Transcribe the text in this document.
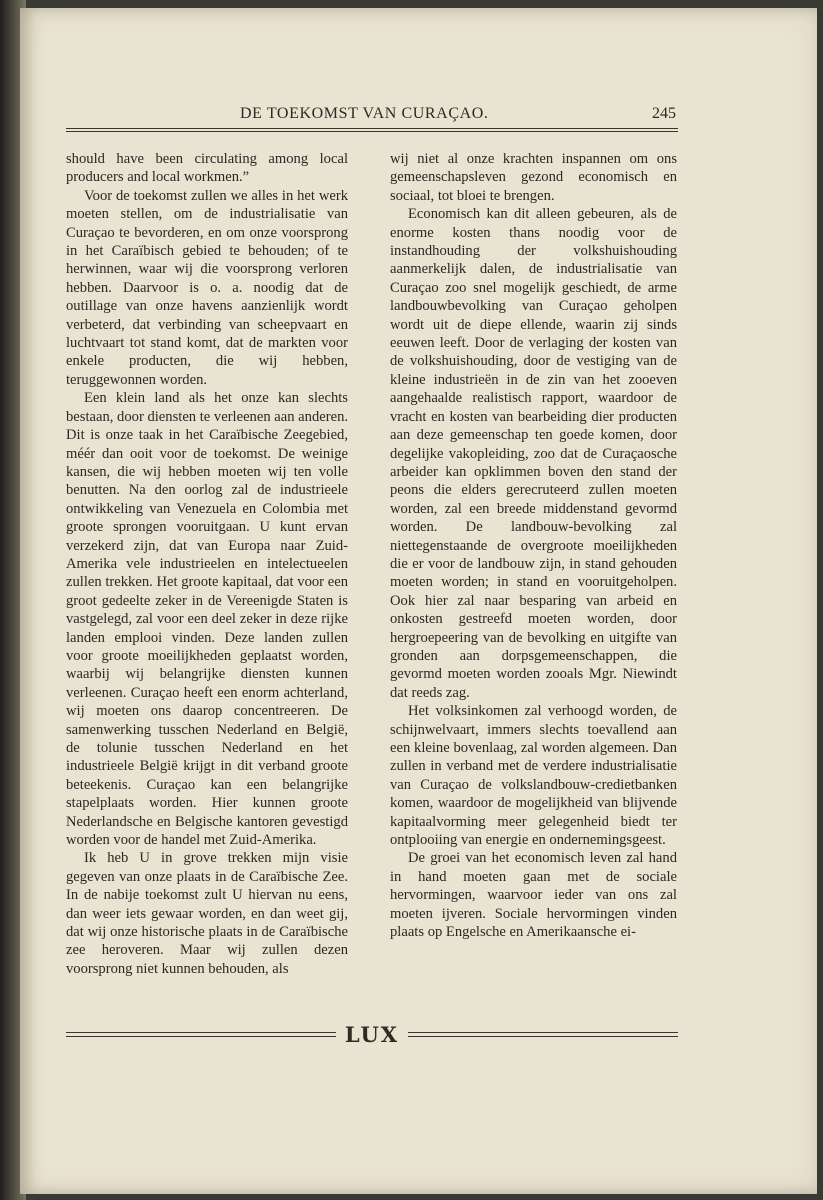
DE TOEKOMST VAN CURAÇAO.	245

should have been circulating among local producers and local workmen.”

Voor de toekomst zullen we alles in het werk moeten stellen, om de industrialisatie van Curaçao te bevorderen, en om onze voorsprong in het Caraïbisch gebied te behouden; of te herwinnen, waar wij die voorsprong verloren hebben. Daarvoor is o. a. noodig dat de outillage van onze havens aanzienlijk wordt verbeterd, dat verbinding van scheepvaart en luchtvaart tot stand komt, dat de markten voor enkele producten, die wij hebben, teruggewonnen worden.

Een klein land als het onze kan slechts bestaan, door diensten te verleenen aan anderen. Dit is onze taak in het Caraïbische Zeegebied, méér dan ooit voor de toekomst. De weinige kansen, die wij hebben moeten wij ten volle benutten. Na den oorlog zal de industrieele ontwikkeling van Venezuela en Colombia met groote sprongen vooruitgaan. U kunt ervan verzekerd zijn, dat van Europa naar Zuid-Amerika vele industrieelen en intelectueelen zullen trekken. Het groote kapitaal, dat voor een groot gedeelte zeker in de Vereenigde Staten is vastgelegd, zal voor een deel zeker in deze rijke landen emplooi vinden. Deze landen zullen voor groote moeilijkheden geplaatst worden, waarbij wij belangrijke diensten kunnen verleenen. Curaçao heeft een enorm achterland, wij moeten ons daarop concentreeren. De samenwerking tusschen Nederland en België, de tolunie tusschen Nederland en het industrieele België krijgt in dit verband groote beteekenis. Curaçao kan een belangrijke stapelplaats worden. Hier kunnen groote Nederlandsche en Belgische kantoren gevestigd worden voor de handel met Zuid-Amerika.

Ik heb U in grove trekken mijn visie gegeven van onze plaats in de Caraïbische Zee. In de nabije toekomst zult U hiervan nu eens, dan weer iets gewaar worden, en dan weet gij, dat wij onze historische plaats in de Caraïbische zee heroveren. Maar wij zullen dezen voorsprong niet kunnen behouden, als

wij niet al onze krachten inspannen om ons gemeenschapsleven gezond economisch en sociaal, tot bloei te brengen.

Economisch kan dit alleen gebeuren, als de enorme kosten thans noodig voor de instandhouding der volkshuishouding aanmerkelijk dalen, de industrialisatie van Curaçao zoo snel mogelijk geschiedt, de arme landbouwbevolking van Curaçao geholpen wordt uit de diepe ellende, waarin zij sinds eeuwen leeft. Door de verlaging der kosten van de volkshuishouding, door de vestiging van de kleine industrieën in de zin van het zooeven aangehaalde realistisch rapport, waardoor de vracht en kosten van bearbeiding dier producten aan deze gemeenschap ten goede komen, door degelijke vakopleiding, zoo dat de Curaçaosche arbeider kan opklimmen boven den stand der peons die elders gerecruteerd zullen moeten worden, zal een breede middenstand gevormd worden. De landbouw-bevolking zal niettegenstaande de overgroote moeilijkheden die er voor de landbouw zijn, in stand gehouden moeten worden; in stand en vooruitgeholpen. Ook hier zal naar besparing van arbeid en onkosten gestreefd moeten worden, door hergroepeering van de bevolking en uitgifte van gronden aan dorpsgemeenschappen, die gevormd moeten worden zooals Mgr. Niewindt dat reeds zag.

Het volksinkomen zal verhoogd worden, de schijnwelvaart, immers slechts toevallend aan een kleine bovenlaag, zal worden algemeen. Dan zullen in verband met de verdere industrialisatie van Curaçao de volkslandbouw-credietbanken komen, waardoor de mogelijkheid van blijvende kapitaalvorming meer gelegenheid biedt ter ontplooiing van energie en ondernemingsgeest.

De groei van het economisch leven zal hand in hand moeten gaan met de sociale hervormingen, waarvoor ieder van ons zal moeten ijveren. Sociale hervormingen vinden plaats op Engelsche en Amerikaansche ei-

LUX
